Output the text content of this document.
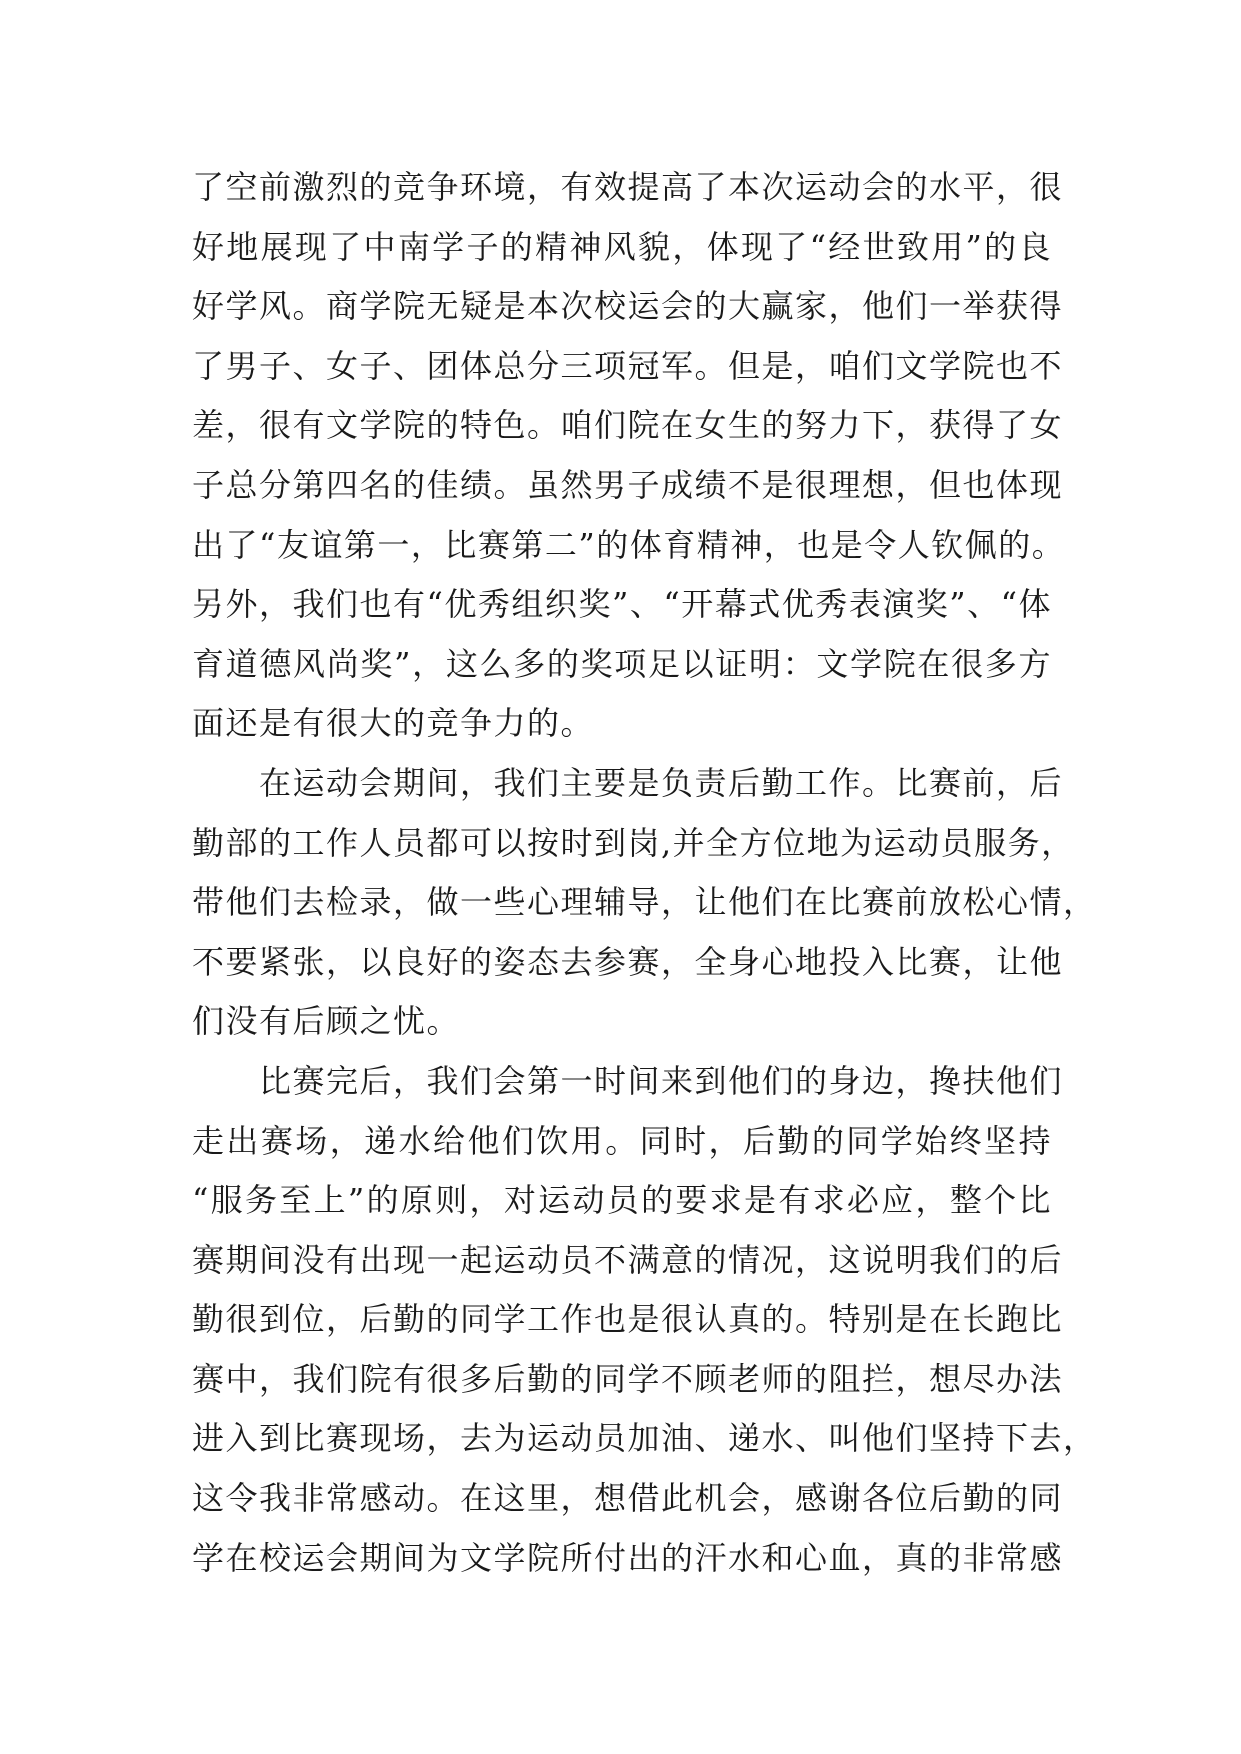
了空前激烈的竞争环境，有效提高了本次运动会的水平，很
好地展现了中南学子的精神风貌，体现了“经世致用”的良
好学风。商学院无疑是本次校运会的大赢家，他们一举获得
了男子、女子、团体总分三项冠军。但是，咱们文学院也不
差，很有文学院的特色。咱们院在女生的努力下，获得了女
子总分第四名的佳绩。虽然男子成绩不是很理想，但也体现
出了“友谊第一，比赛第二”的体育精神，也是令人钦佩的。
另外，我们也有“优秀组织奖”、“开幕式优秀表演奖”、“体
育道德风尚奖”，这么多的奖项足以证明：文学院在很多方
面还是有很大的竞争力的。
　　在运动会期间，我们主要是负责后勤工作。比赛前，后
勤部的工作人员都可以按时到岗,并全方位地为运动员服务，
带他们去检录，做一些心理辅导，让他们在比赛前放松心情，
不要紧张，以良好的姿态去参赛，全身心地投入比赛，让他
们没有后顾之忧。
　　比赛完后，我们会第一时间来到他们的身边，搀扶他们
走出赛场，递水给他们饮用。同时，后勤的同学始终坚持
“服务至上”的原则，对运动员的要求是有求必应，整个比
赛期间没有出现一起运动员不满意的情况，这说明我们的后
勤很到位，后勤的同学工作也是很认真的。特别是在长跑比
赛中，我们院有很多后勤的同学不顾老师的阻拦，想尽办法
进入到比赛现场，去为运动员加油、递水、叫他们坚持下去，
这令我非常感动。在这里，想借此机会，感谢各位后勤的同
学在校运会期间为文学院所付出的汗水和心血，真的非常感
